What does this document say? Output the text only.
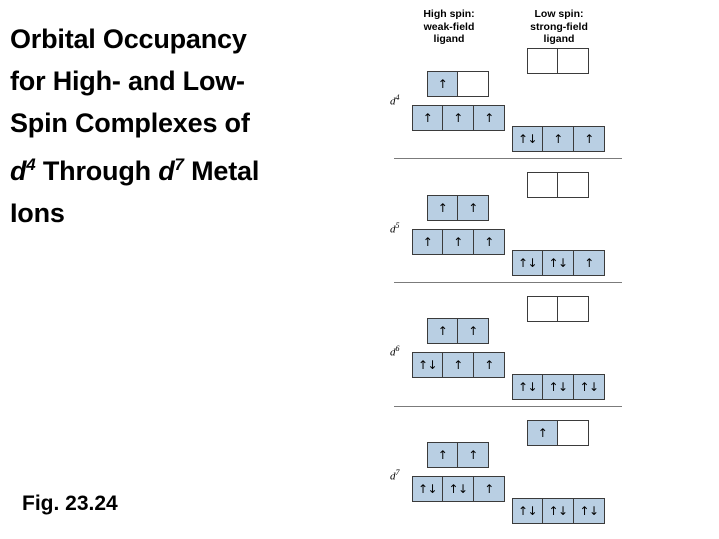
Orbital Occupancy
for High- and Low-
Spin Complexes of
$d^4$ Through $d^7$ Metal
Ions
Fig. 23.24
High spin:
weak-field
ligand
Low spin:
strong-field
ligand
$d^4$
↑
↑	↑	↑
↑↓	↑	↑
$d^5$
↑	↑
↑	↑	↑
↑↓ ↑↓	↑
$d^6$
↑	↑
↑↓	↑	↑
↑↓ ↑↓ ↑↓
$d^7$
↑	↑
↑↓ ↑↓	↑
↑
↑↓ ↑↓ ↑↓
